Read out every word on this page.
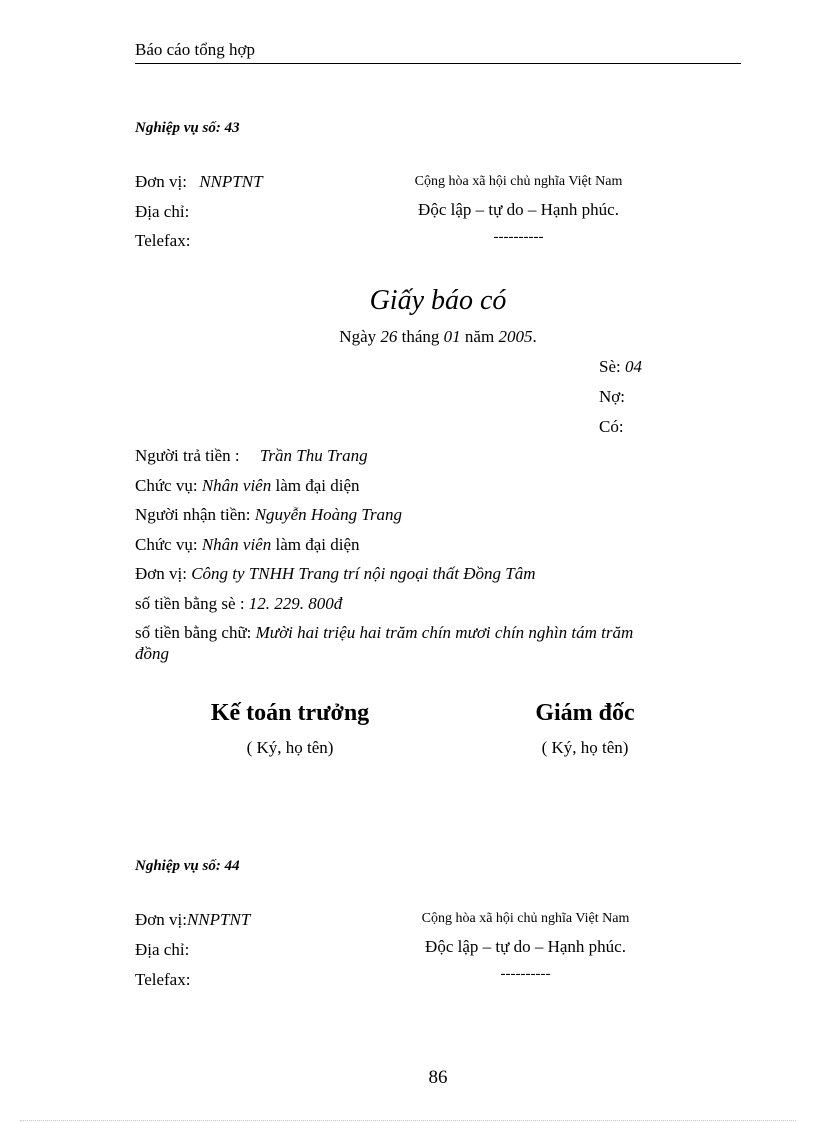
Báo cáo tổng hợp
Nghiệp vụ số: 43
Đơn vị: NNPTNT
Địa chỉ:
Telefax:
Cộng hòa xã hội chủ nghĩa Việt Nam
Độc lập – tự do – Hạnh phúc.
----------
Giấy báo có
Ngày 26 tháng 01 năm 2005.
Sè: 04
Nợ:
Có:
Người trả tiền : Trần Thu Trang
Chức vụ: Nhân viên làm đại diện
Người nhận tiền: Nguyễn Hoàng Trang
Chức vụ: Nhân viên làm đại diện
Đơn vị: Công ty TNHH Trang trí nội ngoại thất Đồng Tâm
số tiền bằng sè : 12. 229. 800đ
số tiền bằng chữ: Mười hai triệu hai trăm chín mươi chín nghìn tám trăm
đồng
Kế toán trưởng
( Ký, họ tên)
Giám đốc
( Ký, họ tên)
Nghiệp vụ số: 44
Đơn vị:NNPTNT
Địa chỉ:
Telefax:
Cộng hòa xã hội chủ nghĩa Việt Nam
Độc lập – tự do – Hạnh phúc.
----------
86
